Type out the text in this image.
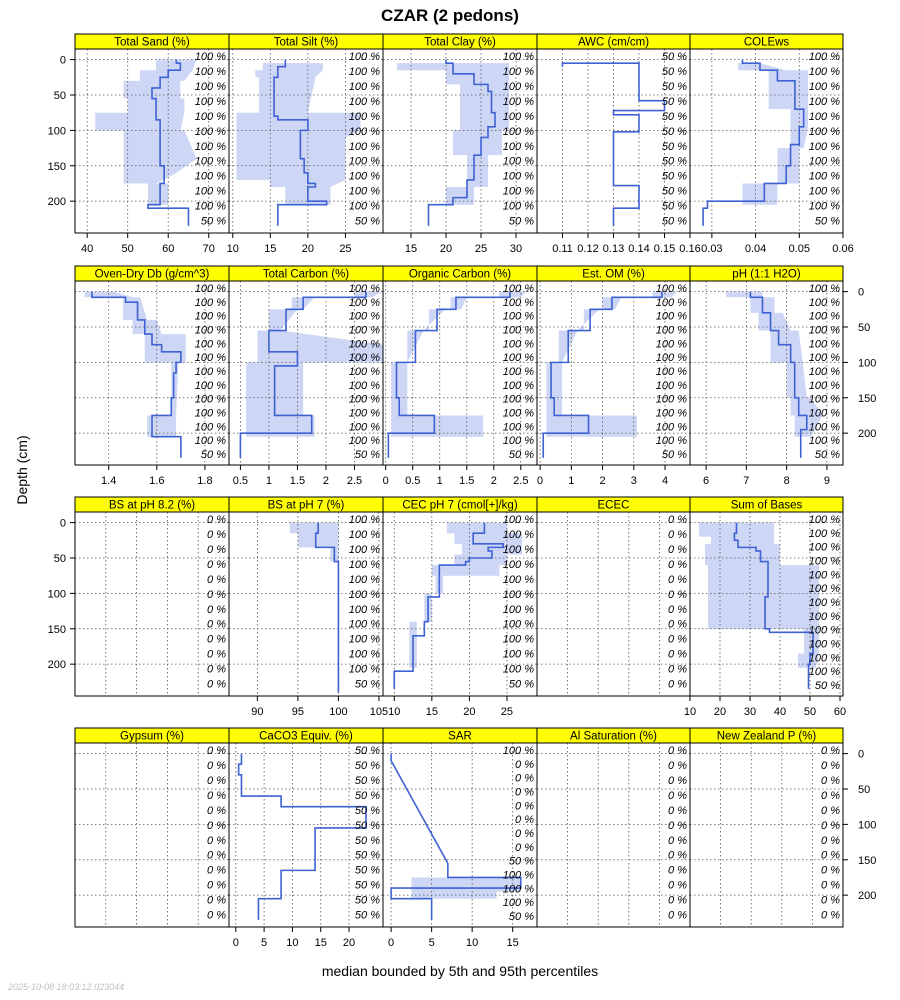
CZAR (2 pedons)
Depth (cm)
median bounded by 5th and 95th percentiles
2025-10-08 18:03:12.023044
Total Sand (%)
100 %
100 %
100 %
100 %
100 %
100 %
100 %
100 %
100 %
100 %
100 %
50 %
40	50	60	70
Total Silt (%)
100 %
100 %
100 %
100 %
100 %
100 %
100 %
100 %
100 %
100 %
100 %
50 %
10 15 20 25
Total Clay (%)
100 %
100 %
100 %
100 %
100 %
100 %
100 %
100 %
100 %
100 %
100 %
50 %
15 20 25 30
AWC (cm/cm)
50 %
50 %
50 %
50 %
50 %
50 %
50 %
50 %
50 %
50 %
50 %
50 %
0.11 0.12 0.13 0.14 0.15 0.16
COLEws
100 %
100 %
100 %
100 %
100 %
100 %
100 %
100 %
100 %
100 %
100 %
50 %
0.03 0.04 0.05 0.06
Oven-Dry Db (g/cm^3)
100 %
100 %
100 %
100 %
100 %
100 %
100 %
100 %
100 %
100 %
100 %
100 %
50 %
1.4	1.6	1.8
Total Carbon (%)
100 %
100 %
100 %
100 %
100 %
100 %
100 %
100 %
100 %
100 %
100 %
100 %
50 %
0.5 1 1.5 2 2.5
Organic Carbon (%)
100 %
100 %
100 %
100 %
100 %
100 %
100 %
100 %
100 %
100 %
100 %
100 %
50 %
0 0.5 1 1.5 2 2.5
Est. OM (%)
100 %
100 %
100 %
100 %
100 %
100 %
100 %
100 %
100 %
100 %
100 %
100 %
50 %
0 1 2 3 4
pH (1:1 H2O)
100 %
100 %
100 %
100 %
100 %
100 %
100 %
100 %
100 %
100 %
100 %
100 %
50 %
6	7	8	9
BS at pH 8.2 (%)
0 %
0 %
0 %
0 %
0 %
0 %
0 %
0 %
0 %
0 %
0 %
0 %
BS at pH 7 (%)
100 %
100 %
100 %
100 %
100 %
100 %
100 %
100 %
100 %
100 %
100 %
50 %
90	95 100 105
CEC pH 7 (cmol[+]/kg)
100 %
100 %
100 %
100 %
100 %
100 %
100 %
100 %
100 %
100 %
100 %
50 %
10 15 20 25
ECEC
0 %
0 %
0 %
0 %
0 %
0 %
0 %
0 %
0 %
0 %
0 %
0 %
Sum of Bases
100 %
100 %
100 %
100 %
100 %
100 %
100 %
100 %
100 %
100 %
100 %
100 %
50 %
10 20 30 40 50 60
Gypsum (%)
0 %
0 %
0 %
0 %
0 %
0 %
0 %
0 %
0 %
0 %
0 %
0 %
CaCO3 Equiv. (%)
50 %
50 %
50 %
50 %
50 %
50 %
50 %
50 %
50 %
50 %
50 %
50 %
0 5 10 15 20
SAR
100 %
0 %
0 %
0 %
0 %
0 %
0 %
0 %
50 %
100 %
100 %
100 %
50 %
0	5	10	15
Al Saturation (%)
0 %
0 %
0 %
0 %
0 %
0 %
0 %
0 %
0 %
0 %
0 %
0 %
New Zealand P (%)
0 %
0 %
0 %
0 %
0 %
0 %
0 %
0 %
0 %
0 %
0 %
0 %
0
50
100
150
200
0
50
100
150
200
0
50
100
150
200
0
50
100
150
200
